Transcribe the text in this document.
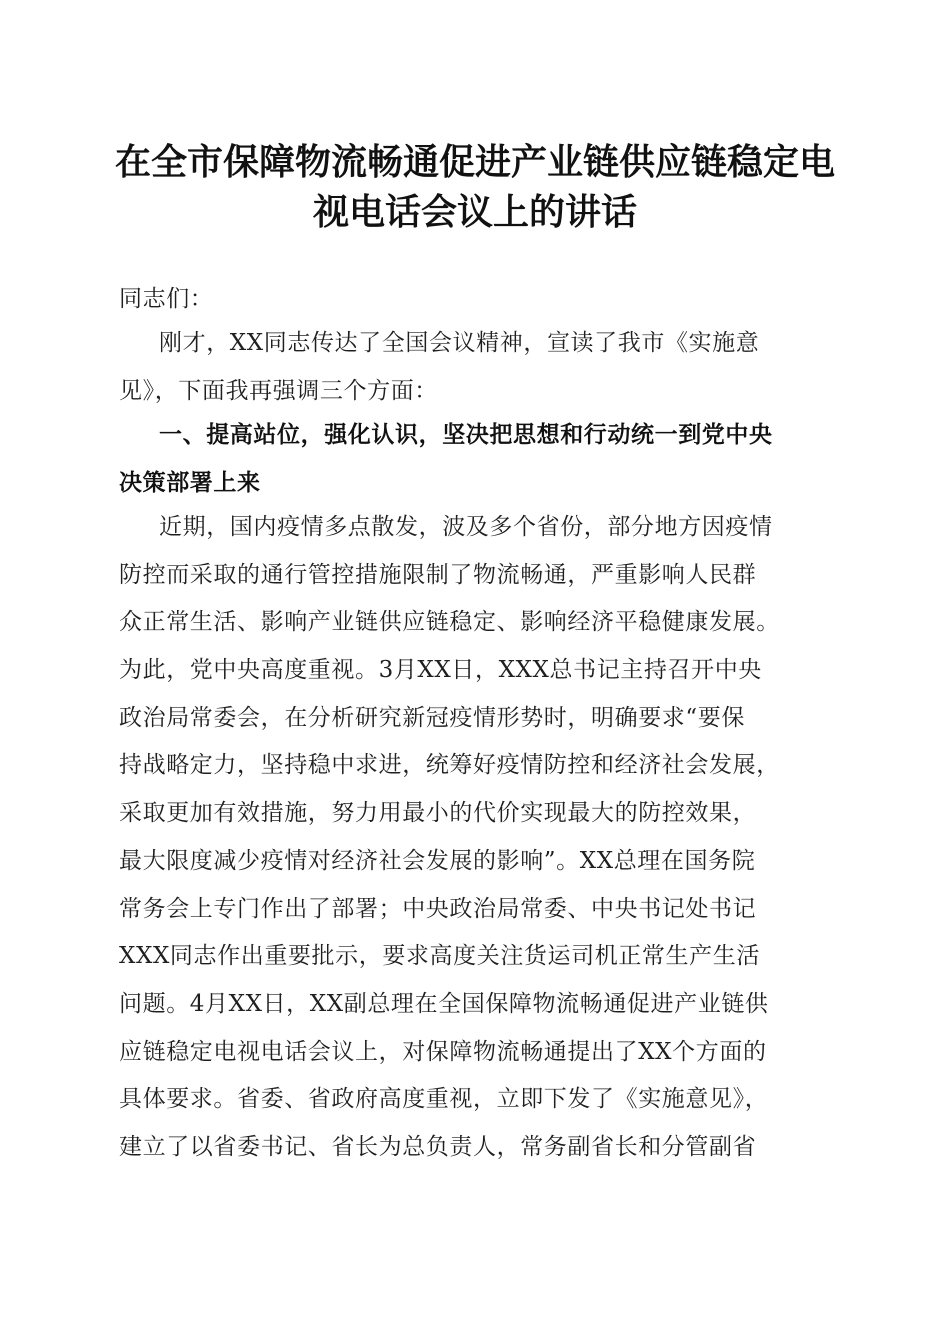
在全市保障物流畅通促进产业链供应链稳定电
视电话会议上的讲话

同志们：

刚才，XX同志传达了全国会议精神，宣读了我市《实施意
见》，下面我再强调三个方面：

一、提高站位，强化认识，坚决把思想和行动统一到党中央
决策部署上来

近期，国内疫情多点散发，波及多个省份，部分地方因疫情
防控而采取的通行管控措施限制了物流畅通，严重影响人民群
众正常生活、影响产业链供应链稳定、影响经济平稳健康发展。
为此，党中央高度重视。3月XX日，XXX总书记主持召开中央
政治局常委会，在分析研究新冠疫情形势时，明确要求“要保
持战略定力，坚持稳中求进，统筹好疫情防控和经济社会发展，
采取更加有效措施，努力用最小的代价实现最大的防控效果，
最大限度减少疫情对经济社会发展的影响”。XX总理在国务院
常务会上专门作出了部署；中央政治局常委、中央书记处书记
XXX同志作出重要批示，要求高度关注货运司机正常生产生活
问题。4月XX日，XX副总理在全国保障物流畅通促进产业链供
应链稳定电视电话会议上，对保障物流畅通提出了XX个方面的
具体要求。省委、省政府高度重视，立即下发了《实施意见》，
建立了以省委书记、省长为总负责人，常务副省长和分管副省
